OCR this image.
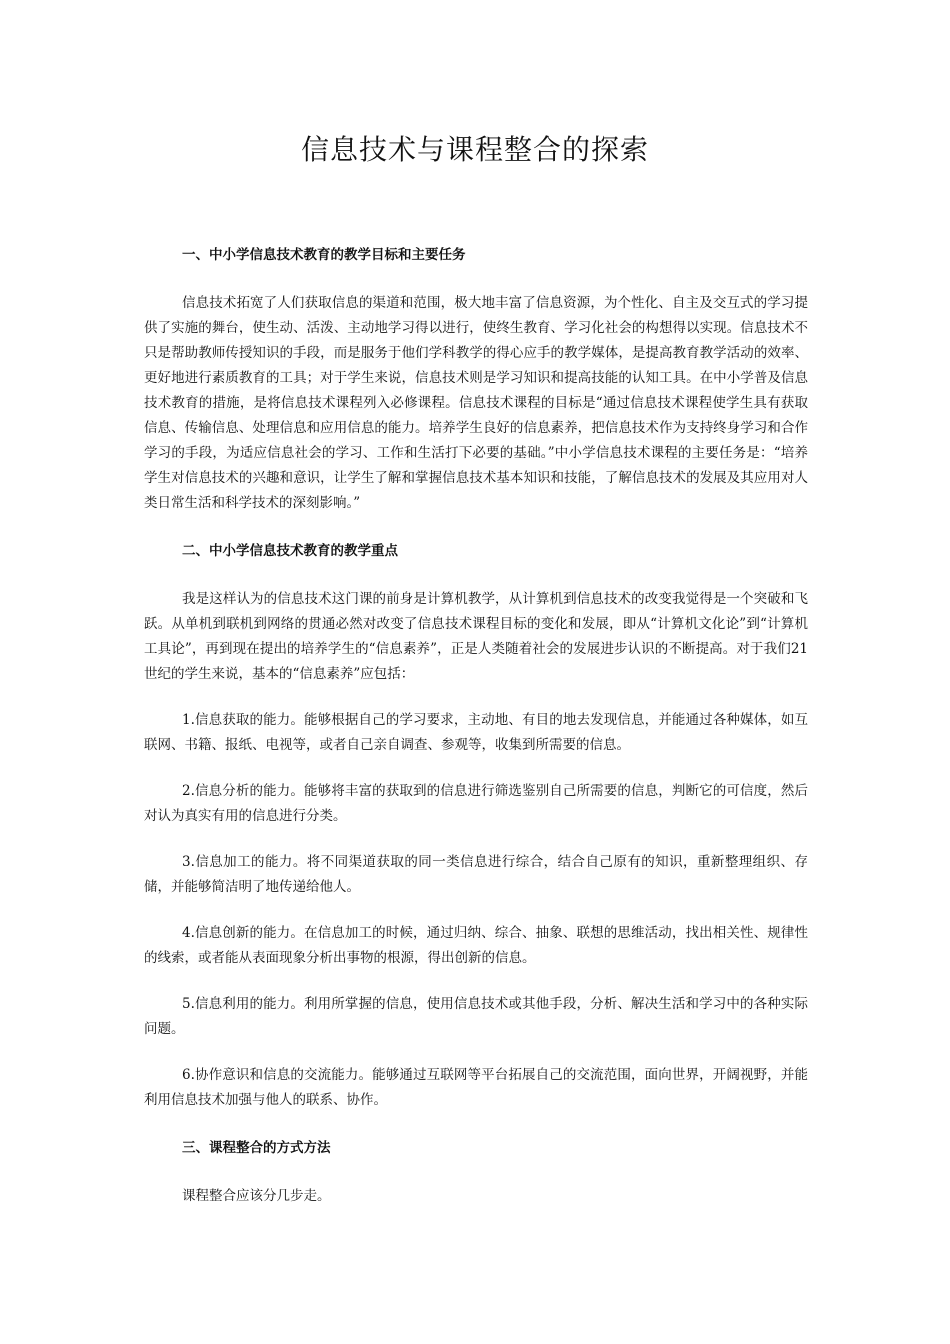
信息技术与课程整合的探索

一、中小学信息技术教育的教学目标和主要任务

信息技术拓宽了人们获取信息的渠道和范围，极大地丰富了信息资源，为个性化、自主及交互式的学习提供了实施的舞台，使生动、活泼、主动地学习得以进行，使终生教育、学习化社会的构想得以实现。信息技术不只是帮助教师传授知识的手段，而是服务于他们学科教学的得心应手的教学媒体，是提高教育教学活动的效率、更好地进行素质教育的工具；对于学生来说，信息技术则是学习知识和提高技能的认知工具。在中小学普及信息技术教育的措施，是将信息技术课程列入必修课程。信息技术课程的目标是“通过信息技术课程使学生具有获取信息、传输信息、处理信息和应用信息的能力。培养学生良好的信息素养，把信息技术作为支持终身学习和合作学习的手段，为适应信息社会的学习、工作和生活打下必要的基础。”中小学信息技术课程的主要任务是：“培养学生对信息技术的兴趣和意识，让学生了解和掌握信息技术基本知识和技能，了解信息技术的发展及其应用对人类日常生活和科学技术的深刻影响。”

二、中小学信息技术教育的教学重点

我是这样认为的信息技术这门课的前身是计算机教学，从计算机到信息技术的改变我觉得是一个突破和飞跃。从单机到联机到网络的贯通必然对改变了信息技术课程目标的变化和发展，即从“计算机文化论”到“计算机工具论”，再到现在提出的培养学生的“信息素养”，正是人类随着社会的发展进步认识的不断提高。对于我们21世纪的学生来说，基本的“信息素养”应包括：

1.信息获取的能力。能够根据自己的学习要求，主动地、有目的地去发现信息，并能通过各种媒体，如互联网、书籍、报纸、电视等，或者自己亲自调查、参观等，收集到所需要的信息。

2.信息分析的能力。能够将丰富的获取到的信息进行筛选鉴别自己所需要的信息，判断它的可信度，然后对认为真实有用的信息进行分类。

3.信息加工的能力。将不同渠道获取的同一类信息进行综合，结合自己原有的知识，重新整理组织、存储，并能够简洁明了地传递给他人。

4.信息创新的能力。在信息加工的时候，通过归纳、综合、抽象、联想的思维活动，找出相关性、规律性的线索，或者能从表面现象分析出事物的根源，得出创新的信息。

5.信息利用的能力。利用所掌握的信息，使用信息技术或其他手段，分析、解决生活和学习中的各种实际问题。

6.协作意识和信息的交流能力。能够通过互联网等平台拓展自己的交流范围，面向世界，开阔视野，并能利用信息技术加强与他人的联系、协作。

三、课程整合的方式方法

课程整合应该分几步走。
